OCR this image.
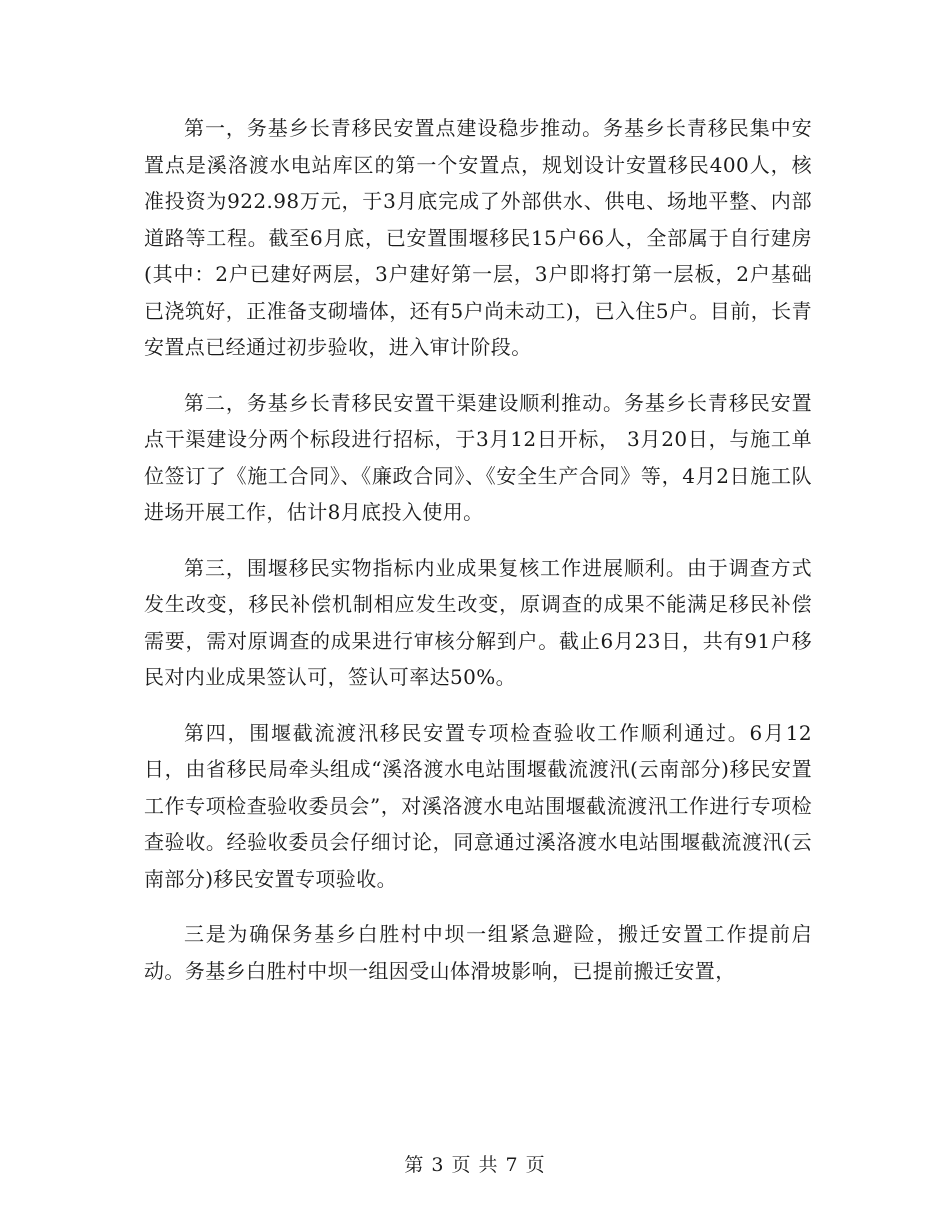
第一，务基乡长青移民安置点建设稳步推动。务基乡长青移民集中安置点是溪洛渡水电站库区的第一个安置点，规划设计安置移民400人，核准投资为922.98万元，于3月底完成了外部供水、供电、场地平整、内部道路等工程。截至6月底，已安置围堰移民15户66人，全部属于自行建房(其中：2户已建好两层，3户建好第一层，3户即将打第一层板，2户基础已浇筑好，正准备支砌墙体，还有5户尚未动工)，已入住5户。目前，长青安置点已经通过初步验收，进入审计阶段。

第二，务基乡长青移民安置干渠建设顺利推动。务基乡长青移民安置点干渠建设分两个标段进行招标，于3月12日开标， 3月20日，与施工单位签订了《施工合同》、《廉政合同》、《安全生产合同》等，4月2日施工队进场开展工作，估计8月底投入使用。

第三，围堰移民实物指标内业成果复核工作进展顺利。由于调查方式发生改变，移民补偿机制相应发生改变，原调查的成果不能满足移民补偿需要，需对原调查的成果进行审核分解到户。截止6月23日，共有91户移民对内业成果签认可，签认可率达50%。

第四，围堰截流渡汛移民安置专项检查验收工作顺利通过。6月12日，由省移民局牵头组成“溪洛渡水电站围堰截流渡汛(云南部分)移民安置工作专项检查验收委员会”，对溪洛渡水电站围堰截流渡汛工作进行专项检查验收。经验收委员会仔细讨论，同意通过溪洛渡水电站围堰截流渡汛(云南部分)移民安置专项验收。

三是为确保务基乡白胜村中坝一组紧急避险，搬迁安置工作提前启动。务基乡白胜村中坝一组因受山体滑坡影响，已提前搬迁安置，

第 3 页 共 7 页
